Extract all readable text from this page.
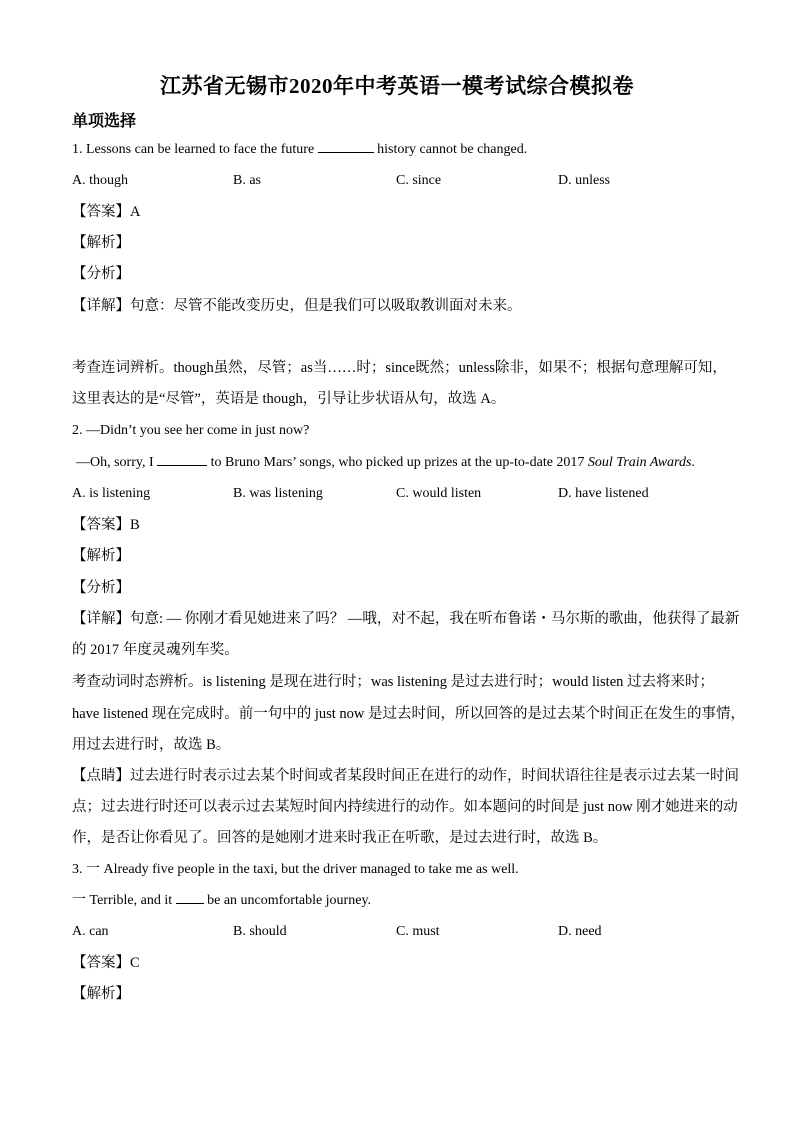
江苏省无锡市2020年中考英语一模考试综合模拟卷
单项选择
1. Lessons can be learned to face the future	history cannot be changed.
A. though	B. as	C. since	D. unless
【答案】A
【解析】
【分析】
【详解】句意：尽管不能改变历史，但是我们可以吸取教训面对未来。
考查连词辨析。though虽然，尽管；as当……时；since既然；unless除非，如果不；根据句意理解可知，
这里表达的是“尽管”，英语是 though，引导让步状语从句，故选 A。
2. —Didn’t you see her come in just now?
—Oh, sorry, I	to Bruno Mars’ songs, who picked up prizes at the up-to-date 2017 Soul Train Awards.
A. is listening	B. was listening	C. would listen	D. have listened
【答案】B
【解析】
【分析】
【详解】句意: — 你刚才看见她进来了吗？ —哦，对不起，我在听布鲁诺・马尔斯的歌曲，他获得了最新
的 2017 年度灵魂列车奖。
考查动词时态辨析。is listening 是现在进行时；was listening 是过去进行时；would listen 过去将来时；
have listened 现在完成时。前一句中的 just now 是过去时间，所以回答的是过去某个时间正在发生的事情，
用过去进行时，故选 B。
【点睛】过去进行时表示过去某个时间或者某段时间正在进行的动作，时间状语往往是表示过去某一时间
点；过去进行时还可以表示过去某短时间内持续进行的动作。如本题问的时间是 just now 刚才她进来的动
作，是否让你看见了。回答的是她刚才进来时我正在听歌，是过去进行时，故选 B。
3. 一 Already five people in the taxi, but the driver managed to take me as well.
一 Terrible, and it	be an uncomfortable journey.
A. can	B. should	C. must	D. need
【答案】C
【解析】
